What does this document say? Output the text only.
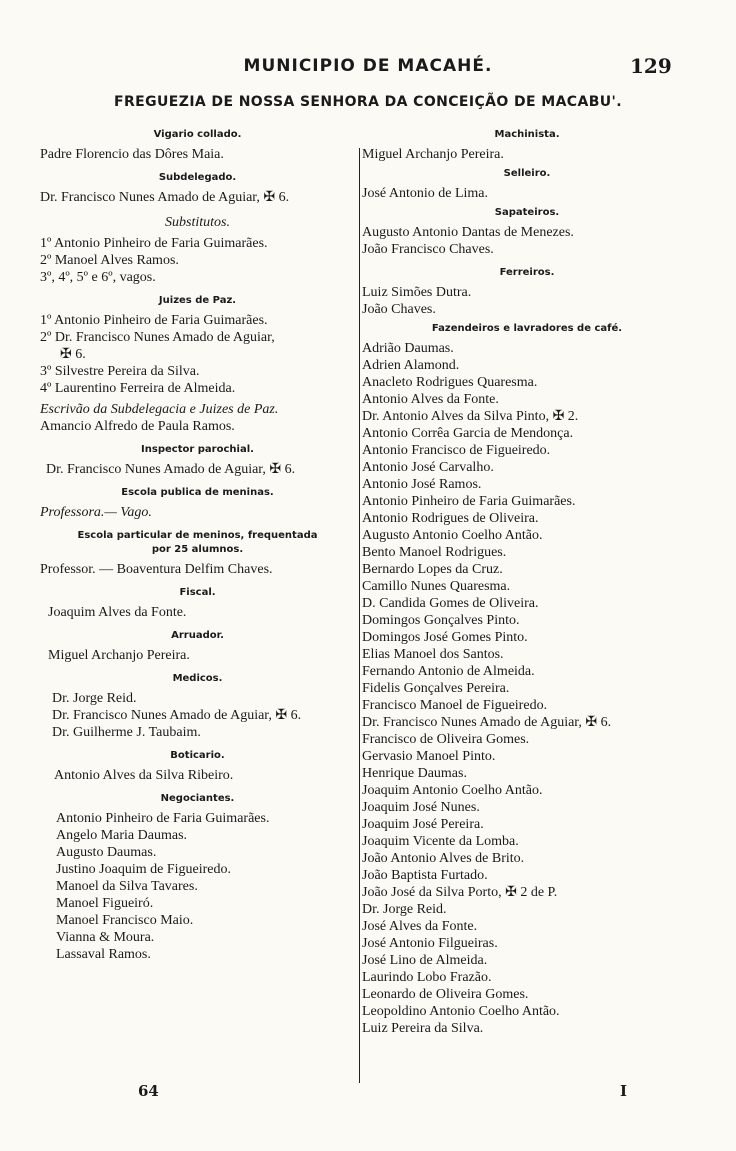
MUNICIPIO DE MACAHÉ.	129
FREGUEZIA DE NOSSA SENHORA DA CONCEIÇÃO DE MACABU'.
Vigario collado.
Padre Florencio das Dôres Maia.
Subdelegado.
Dr. Francisco Nunes Amado de Aguiar, ✠ 6.
Substitutos.
1º Antonio Pinheiro de Faria Guimarães.
2º Manoel Alves Ramos.
3º, 4º, 5º e 6º, vagos.
Juizes de Paz.
1º Antonio Pinheiro de Faria Guimarães.
2º Dr. Francisco Nunes Amado de Aguiar,
✠ 6.
3º Silvestre Pereira da Silva.
4º Laurentino Ferreira de Almeida.
Escrivão da Subdelegacia e Juizes de Paz.
Amancio Alfredo de Paula Ramos.
Inspector parochial.
Dr. Francisco Nunes Amado de Aguiar, ✠ 6.
Escola publica de meninas.
Professora.— Vago.
Escola particular de meninos, frequentada
por 25 alumnos.
Professor. — Boaventura Delfim Chaves.
Fiscal.
Joaquim Alves da Fonte.
Arruador.
Miguel Archanjo Pereira.
Medicos.
Dr. Jorge Reid.
Dr. Francisco Nunes Amado de Aguiar, ✠ 6.
Dr. Guilherme J. Taubaim.
Boticario.
Antonio Alves da Silva Ribeiro.
Negociantes.
Antonio Pinheiro de Faria Guimarães.
Angelo Maria Daumas.
Augusto Daumas.
Justino Joaquim de Figueiredo.
Manoel da Silva Tavares.
Manoel Figueiró.
Manoel Francisco Maio.
Vianna & Moura.
Lassaval Ramos.
Machinista.
Miguel Archanjo Pereira.
Selleiro.
José Antonio de Lima.
Sapateiros.
Augusto Antonio Dantas de Menezes.
João Francisco Chaves.
Ferreiros.
Luiz Simões Dutra.
João Chaves.
Fazendeiros e lavradores de café.
Adrião Daumas.
Adrien Alamond.
Anacleto Rodrigues Quaresma.
Antonio Alves da Fonte.
Dr. Antonio Alves da Silva Pinto, ✠ 2.
Antonio Corrêa Garcia de Mendonça.
Antonio Francisco de Figueiredo.
Antonio José Carvalho.
Antonio José Ramos.
Antonio Pinheiro de Faria Guimarães.
Antonio Rodrigues de Oliveira.
Augusto Antonio Coelho Antão.
Bento Manoel Rodrigues.
Bernardo Lopes da Cruz.
Camillo Nunes Quaresma.
D. Candida Gomes de Oliveira.
Domingos Gonçalves Pinto.
Domingos José Gomes Pinto.
Elias Manoel dos Santos.
Fernando Antonio de Almeida.
Fidelis Gonçalves Pereira.
Francisco Manoel de Figueiredo.
Dr. Francisco Nunes Amado de Aguiar, ✠ 6.
Francisco de Oliveira Gomes.
Gervasio Manoel Pinto.
Henrique Daumas.
Joaquim Antonio Coelho Antão.
Joaquim José Nunes.
Joaquim José Pereira.
Joaquim Vicente da Lomba.
João Antonio Alves de Brito.
João Baptista Furtado.
João José da Silva Porto, ✠ 2 de P.
Dr. Jorge Reid.
José Alves da Fonte.
José Antonio Filgueiras.
José Lino de Almeida.
Laurindo Lobo Frazão.
Leonardo de Oliveira Gomes.
Leopoldino Antonio Coelho Antão.
Luiz Pereira da Silva.
64	I
